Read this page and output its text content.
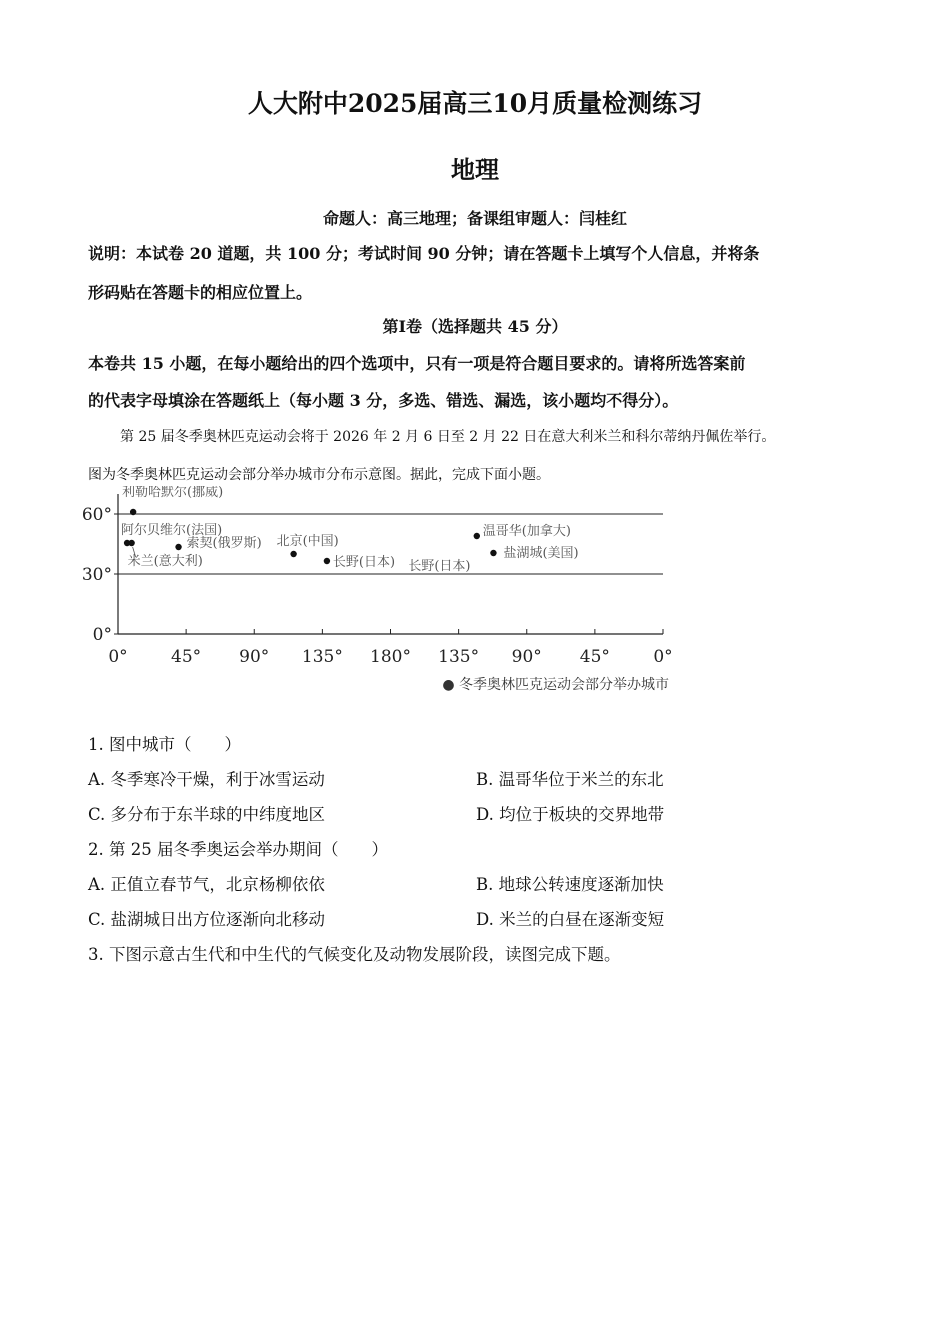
人大附中2025届高三10月质量检测练习
地理
命题人：高三地理；备课组审题人：闫桂红
说明：本试卷 20 道题，共 100 分；考试时间 90 分钟；请在答题卡上填写个人信息，并将条
形码贴在答题卡的相应位置上。
第Ⅰ卷（选择题共 45 分）
本卷共 15 小题，在每小题给出的四个选项中，只有一项是符合题目要求的。请将所选答案前
的代表字母填涂在答题纸上（每小题 3 分，多选、错选、漏选，该小题均不得分）。
第 25 届冬季奥林匹克运动会将于 2026 年 2 月 6 日至 2 月 22 日在意大利米兰和科尔蒂纳丹佩佐举行。
图为冬季奥林匹克运动会部分举办城市分布示意图。据此，完成下面小题。
0°
30°
60°
0°	45° 90° 135° 180° 135° 90° 45°	0°
利勒哈默尔(挪威)
阿尔贝维尔(法国)
米兰(意大利)
索契(俄罗斯) 北京(中国)
长野(日本)
温哥华(加拿大)
盐湖城(美国)
长野(日本)
● 冬季奥林匹克运动会部分举办城市
1. 图中城市（　　）
A. 冬季寒冷干燥，利于冰雪运动	B. 温哥华位于米兰的东北
C. 多分布于东半球的中纬度地区	D. 均位于板块的交界地带
2. 第 25 届冬季奥运会举办期间（　　）
A. 正值立春节气，北京杨柳依依	B. 地球公转速度逐渐加快
C. 盐湖城日出方位逐渐向北移动	D. 米兰的白昼在逐渐变短
3. 下图示意古生代和中生代的气候变化及动物发展阶段，读图完成下题。
